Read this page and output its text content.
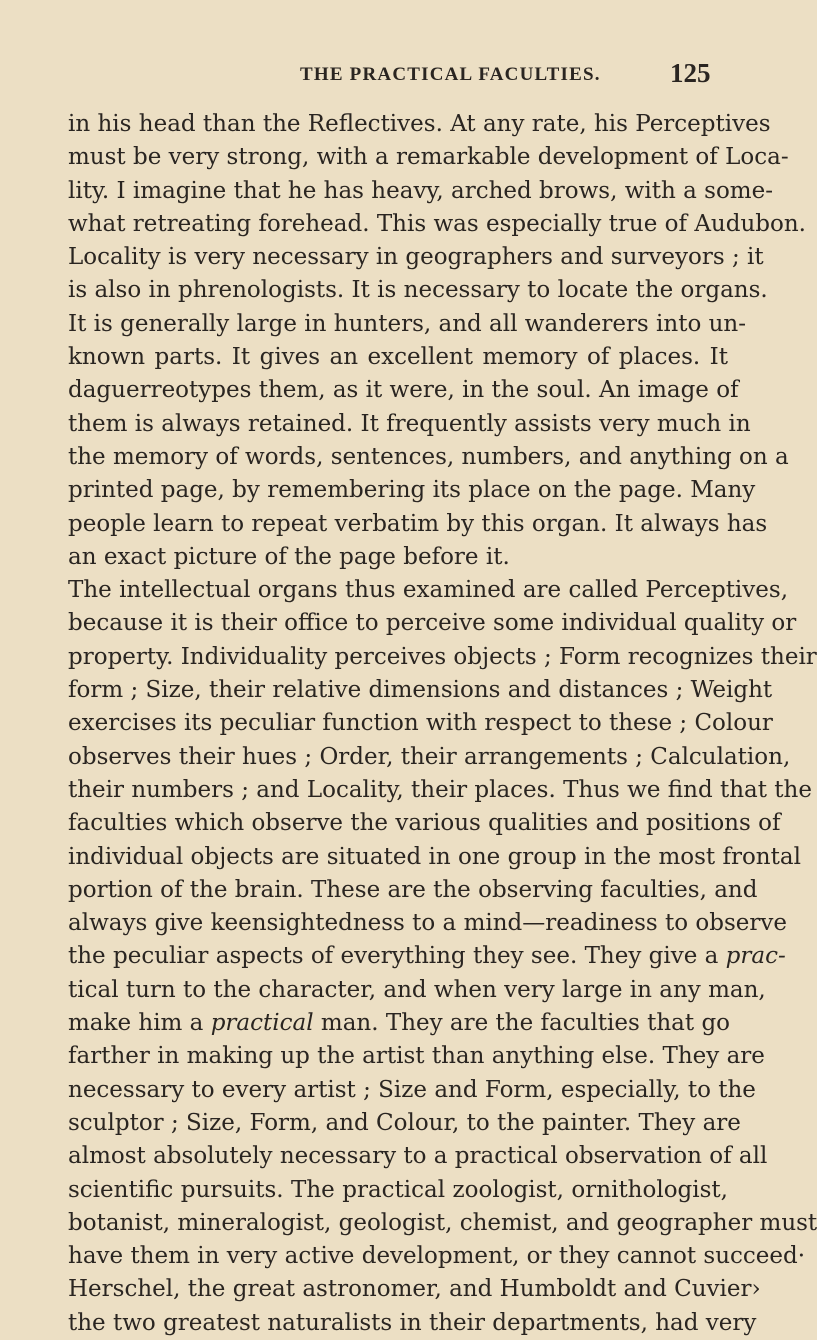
THE PRACTICAL FACULTIES.	125
in his head than the Reflectives. At any rate, his Perceptives
must be very strong, with a remarkable development of Loca-
lity. I imagine that he has heavy, arched brows, with a some-
what retreating forehead. This was especially true of Audubon.
Locality is very necessary in geographers and surveyors ; it
is also in phrenologists. It is necessary to locate the organs.
It is generally large in hunters, and all wanderers into un-
known parts. It gives an excellent memory of places. It
daguerreotypes them, as it were, in the soul. An image of
them is always retained. It frequently assists very much in
the memory of words, sentences, numbers, and anything on a
printed page, by remembering its place on the page. Many
people learn to repeat verbatim by this organ. It always has
an exact picture of the page before it.
The intellectual organs thus examined are called Perceptives,
because it is their office to perceive some individual quality or
property. Individuality perceives objects ; Form recognizes their
form ; Size, their relative dimensions and distances ; Weight
exercises its peculiar function with respect to these ; Colour
observes their hues ; Order, their arrangements ; Calculation,
their numbers ; and Locality, their places. Thus we find that the
faculties which observe the various qualities and positions of
individual objects are situated in one group in the most frontal
portion of the brain. These are the observing faculties, and
always give keensightedness to a mind—readiness to observe
the peculiar aspects of everything they see. They give a prac-
tical turn to the character, and when very large in any man,
make him a practical man. They are the faculties that go
farther in making up the artist than anything else. They are
necessary to every artist ; Size and Form, especially, to the
sculptor ; Size, Form, and Colour, to the painter. They are
almost absolutely necessary to a practical observation of all
scientific pursuits. The practical zoologist, ornithologist,
botanist, mineralogist, geologist, chemist, and geographer must
have them in very active development, or they cannot succeed·
Herschel, the great astronomer, and Humboldt and Cuvier›
the two greatest naturalists in their departments, had very
